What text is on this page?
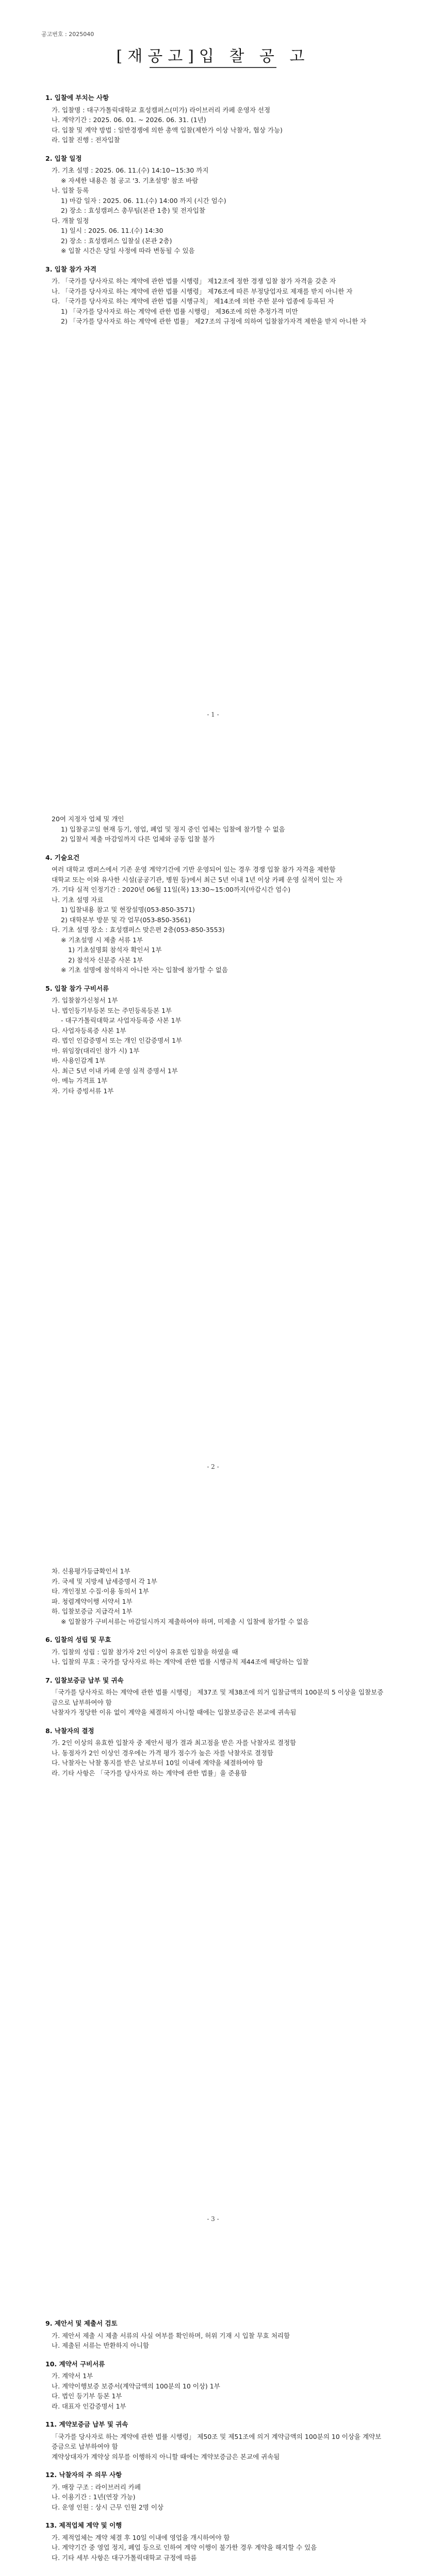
공고번호 : 2025040
[재공고]입 찰 공 고
1. 입찰에 부치는 사항
가. 입찰명 : 대구가톨릭대학교 효성캠퍼스(미가) 라이브러리 카페 운영자 선정
나. 계약기간 : 2025. 06. 01. ~ 2026. 06. 31. (1년)
다. 입찰 및 계약 방법 : 일반경쟁에 의한 총액 입찰(제한가 이상 낙찰자, 협상 가능)
라. 입찰 진행 : 전자입찰
2. 입찰 일정
가. 기초 설명 : 2025. 06. 11.(수) 14:10~15:30 까지
※ 자세한 내용은 첨 공고 '3. 기초설명' 참조 바람
나. 입찰 등록
1) 마감 일자 : 2025. 06. 11.(수) 14:00 까지 (시간 엄수)
2) 장소 : 효성캠퍼스 총무팀(본관 1층) 및 전자입찰
다. 개찰 일정
1) 일시 : 2025. 06. 11.(수) 14:30
2) 장소 : 효성캠퍼스 입찰실 (본관 2층)
※ 입찰 시간은 당일 사정에 따라 변동될 수 있음
3. 입찰 참가 자격
가. 「국가를 당사자로 하는 계약에 관한 법률 시행령」 제12조에 정한 경쟁 입찰 참가 자격을 갖춘 자
나. 「국가를 당사자로 하는 계약에 관한 법률 시행령」 제76조에 따른 부정당업자로 제재를 받지 아니한 자
다. 「국가를 당사자로 하는 계약에 관한 법률 시행규칙」 제14조에 의한 주한 분야 업종에 등록된 자
1) 「국가를 당사자로 하는 계약에 관한 법률 시행령」 제36조에 의한 추정가격 미만
2) 「국가를 당사자로 하는 계약에 관한 법률」 제27조의 규정에 의하여 입찰참가자격 제한을 받지 아니한 자
- 1 -
20여 지정자 업체 및 개인
1) 입찰공고일 현재 등기, 영업, 폐업 및 정지 중인 업체는 입찰에 참가할 수 없음
2) 입찰서 제출 마감일까지 다른 업체와 공동 입찰 불가
4. 기술요건
여러 대학교 캠퍼스에서 기존 운영 계약기간에 기반 운영되어 있는 경우 경쟁 입찰 참가 자격을 제한함
대학교 또는 이와 유사한 시설(공공기관, 병원 등)에서 최근 5년 이내 1년 이상 카페 운영 실적이 있는 자
가. 기타 실적 인정기간 : 2020년 06월 11일(목) 13:30~15:00까지(마감시간 엄수)
나. 기초 설명 자료
1) 입찰내용 참고 및 현장설명(053-850-3571)
2) 대학본부 방문 및 각 업무(053-850-3561)
다. 기초 설명 장소 : 효성캠퍼스 맞은편 2층(053-850-3553)
※ 기초설명 시 제출 서류 1부
1) 기초설명회 참석자 확인서 1부
2) 참석자 신분증 사본 1부
※ 기초 설명에 참석하지 아니한 자는 입찰에 참가할 수 없음
5. 입찰 참가 구비서류
가. 입찰참가신청서 1부
나. 법인등기부등본 또는 주민등록등본 1부
- 대구가톨릭대학교 사업자등록증 사본 1부
다. 사업자등록증 사본 1부
라. 법인 인감증명서 또는 개인 인감증명서 1부
마. 위임장(대리인 참가 시) 1부
바. 사용인감계 1부
사. 최근 5년 이내 카페 운영 실적 증명서 1부
아. 메뉴 가격표 1부
자. 기타 증빙서류 1부
- 2 -
차. 신용평가등급확인서 1부
카. 국세 및 지방세 납세증명서 각 1부
타. 개인정보 수집·이용 동의서 1부
파. 청렴계약이행 서약서 1부
하. 입찰보증금 지급각서 1부
※ 입찰참가 구비서류는 마감일시까지 제출하여야 하며, 미제출 시 입찰에 참가할 수 없음
6. 입찰의 성립 및 무효
가. 입찰의 성립 : 입찰 참가자 2인 이상이 유효한 입찰을 하였을 때
나. 입찰의 무효 : 국가를 당사자로 하는 계약에 관한 법률 시행규칙 제44조에 해당하는 입찰
7. 입찰보증금 납부 및 귀속
「국가를 당사자로 하는 계약에 관한 법률 시행령」 제37조 및 제38조에 의거 입찰금액의 100분의 5 이상을 입찰보증금으로 납부하여야 함
낙찰자가 정당한 이유 없이 계약을 체결하지 아니할 때에는 입찰보증금은 본교에 귀속됨
8. 낙찰자의 결정
가. 2인 이상의 유효한 입찰자 중 제안서 평가 결과 최고점을 받은 자를 낙찰자로 결정함
나. 동점자가 2인 이상인 경우에는 가격 평가 점수가 높은 자를 낙찰자로 결정함
다. 낙찰자는 낙찰 통지를 받은 날로부터 10일 이내에 계약을 체결하여야 함
라. 기타 사항은 「국가를 당사자로 하는 계약에 관한 법률」을 준용함
- 3 -
9. 제안서 및 제출서 검토
가. 제안서 제출 시 제출 서류의 사실 여부를 확인하며, 허위 기재 시 입찰 무효 처리함
나. 제출된 서류는 반환하지 아니함
10. 계약서 구비서류
가. 계약서 1부
나. 계약이행보증 보증서(계약금액의 100분의 10 이상) 1부
다. 법인 등기부 등본 1부
라. 대표자 인감증명서 1부
11. 계약보증금 납부 및 귀속
「국가를 당사자로 하는 계약에 관한 법률 시행령」 제50조 및 제51조에 의거 계약금액의 100분의 10 이상을 계약보증금으로 납부하여야 함
계약상대자가 계약상 의무를 이행하지 아니할 때에는 계약보증금은 본교에 귀속됨
12. 낙찰자의 주 의무 사항
가. 매장 구조 : 라이브러리 카페
나. 이용기간 : 1년(연장 가능)
다. 운영 인원 : 상시 근무 인원 2명 이상
13. 제적업체 계약 및 이행
가. 제적업체는 계약 체결 후 10일 이내에 영업을 개시하여야 함
나. 계약기간 중 영업 정지, 폐업 등으로 인하여 계약 이행이 불가한 경우 계약을 해지할 수 있음
다. 기타 세부 사항은 대구가톨릭대학교 규정에 따름
